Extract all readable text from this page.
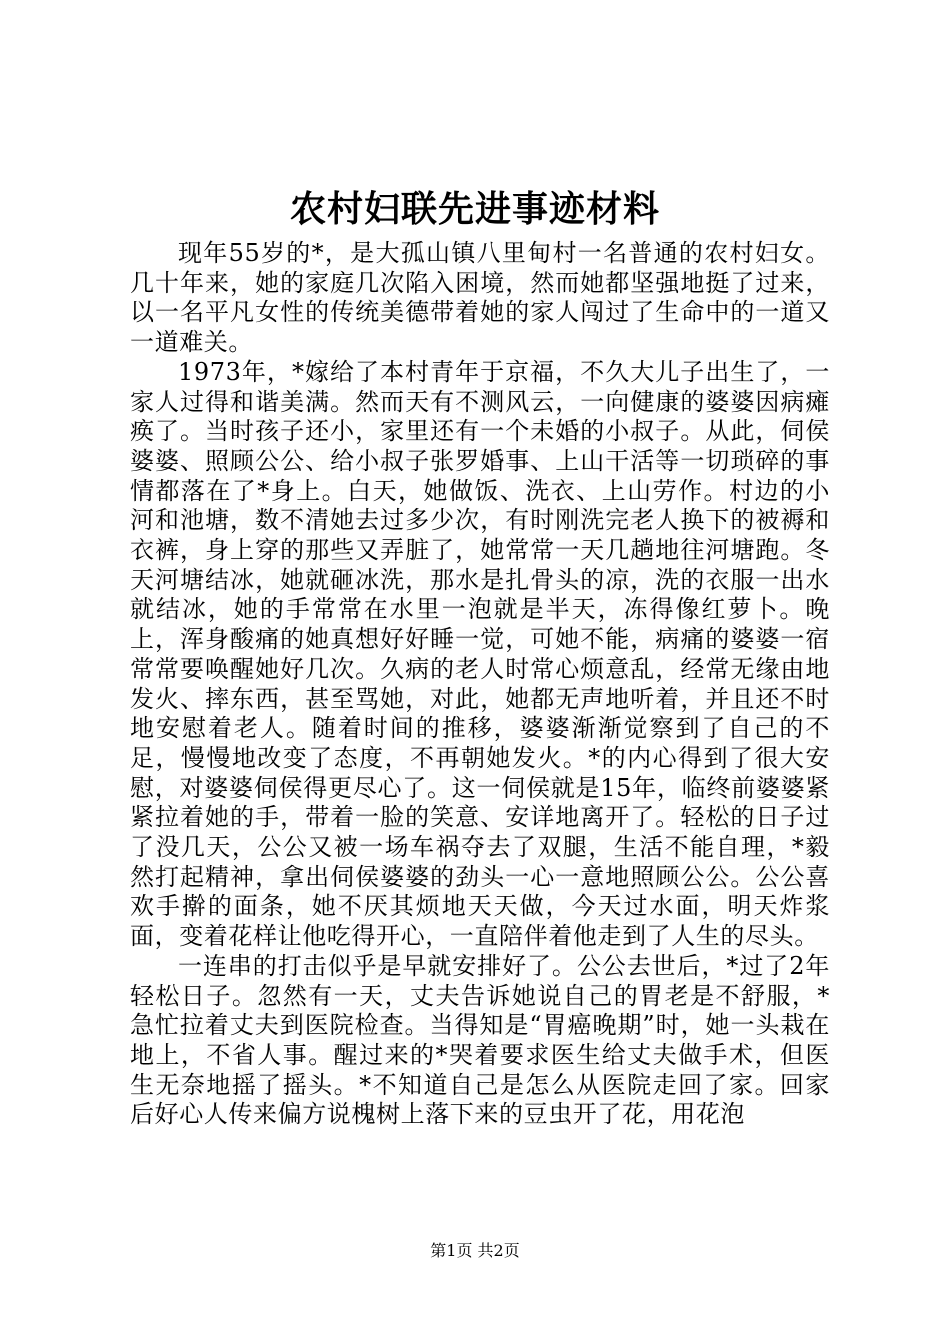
农村妇联先进事迹材料

现年55岁的*，是大孤山镇八里甸村一名普通的农村妇女。几十年来，她的家庭几次陷入困境，然而她都坚强地挺了过来，以一名平凡女性的传统美德带着她的家人闯过了生命中的一道又一道难关。

1973年，*嫁给了本村青年于京福，不久大儿子出生了，一家人过得和谐美满。然而天有不测风云，一向健康的婆婆因病瘫痪了。当时孩子还小，家里还有一个未婚的小叔子。从此，伺侯婆婆、照顾公公、给小叔子张罗婚事、上山干活等一切琐碎的事情都落在了*身上。白天，她做饭、洗衣、上山劳作。村边的小河和池塘，数不清她去过多少次，有时刚洗完老人换下的被褥和衣裤，身上穿的那些又弄脏了，她常常一天几趟地往河塘跑。冬天河塘结冰，她就砸冰洗，那水是扎骨头的凉，洗的衣服一出水就结冰，她的手常常在水里一泡就是半天，冻得像红萝卜。晚上，浑身酸痛的她真想好好睡一觉，可她不能，病痛的婆婆一宿常常要唤醒她好几次。久病的老人时常心烦意乱，经常无缘由地发火、摔东西，甚至骂她，对此，她都无声地听着，并且还不时地安慰着老人。随着时间的推移，婆婆渐渐觉察到了自己的不足，慢慢地改变了态度，不再朝她发火。*的内心得到了很大安慰，对婆婆伺侯得更尽心了。这一伺侯就是15年，临终前婆婆紧紧拉着她的手，带着一脸的笑意、安详地离开了。轻松的日子过了没几天，公公又被一场车祸夺去了双腿，生活不能自理，*毅然打起精神，拿出伺侯婆婆的劲头一心一意地照顾公公。公公喜欢手擀的面条，她不厌其烦地天天做，今天过水面，明天炸浆面，变着花样让他吃得开心，一直陪伴着他走到了人生的尽头。

一连串的打击似乎是早就安排好了。公公去世后，*过了2年轻松日子。忽然有一天，丈夫告诉她说自己的胃老是不舒服，*急忙拉着丈夫到医院检查。当得知是“胃癌晚期”时，她一头栽在地上，不省人事。醒过来的*哭着要求医生给丈夫做手术，但医生无奈地摇了摇头。*不知道自己是怎么从医院走回了家。回家后好心人传来偏方说槐树上落下来的豆虫开了花，用花泡

第1页 共2页
